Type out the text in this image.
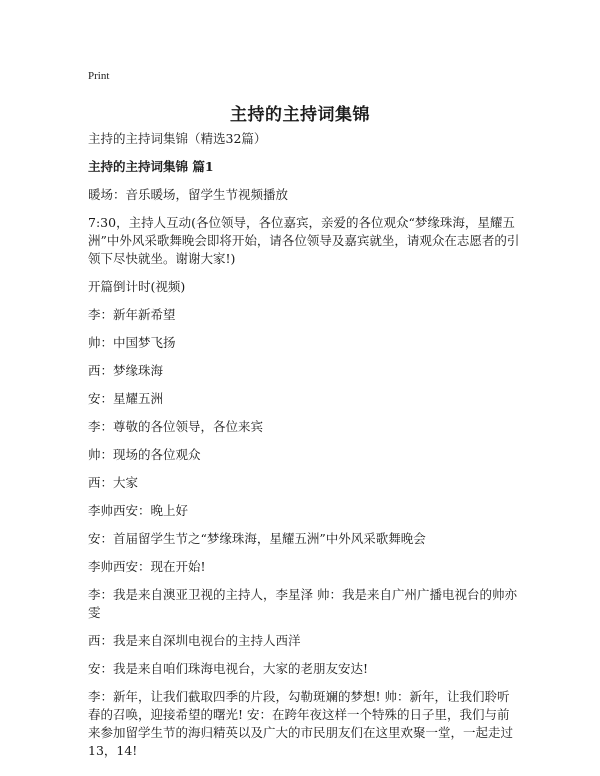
Print
主持的主持词集锦

主持的主持词集锦（精选32篇）

主持的主持词集锦 篇1

暖场：音乐暖场，留学生节视频播放

7:30，主持人互动(各位领导，各位嘉宾，亲爱的各位观众“梦缘珠海，星耀五洲”中外风采歌舞晚会即将开始，请各位领导及嘉宾就坐，请观众在志愿者的引领下尽快就坐。谢谢大家!)

开篇倒计时(视频)

李：新年新希望

帅：中国梦飞扬

西：梦缘珠海

安：星耀五洲

李：尊敬的各位领导，各位来宾

帅：现场的各位观众

西：大家

李帅西安：晚上好

安：首届留学生节之“梦缘珠海，星耀五洲”中外风采歌舞晚会

李帅西安：现在开始!

李：我是来自澳亚卫视的主持人，李星泽 帅：我是来自广州广播电视台的帅亦雯

西：我是来自深圳电视台的主持人西洋

安：我是来自咱们珠海电视台，大家的老朋友安达!

李：新年，让我们截取四季的片段，勾勒斑斓的梦想! 帅：新年，让我们聆听春的召唤，迎接希望的曙光! 安：在跨年夜这样一个特殊的日子里，我们与前来参加留学生节的海归精英以及广大的市民朋友们在这里欢聚一堂，一起走过13，14!
